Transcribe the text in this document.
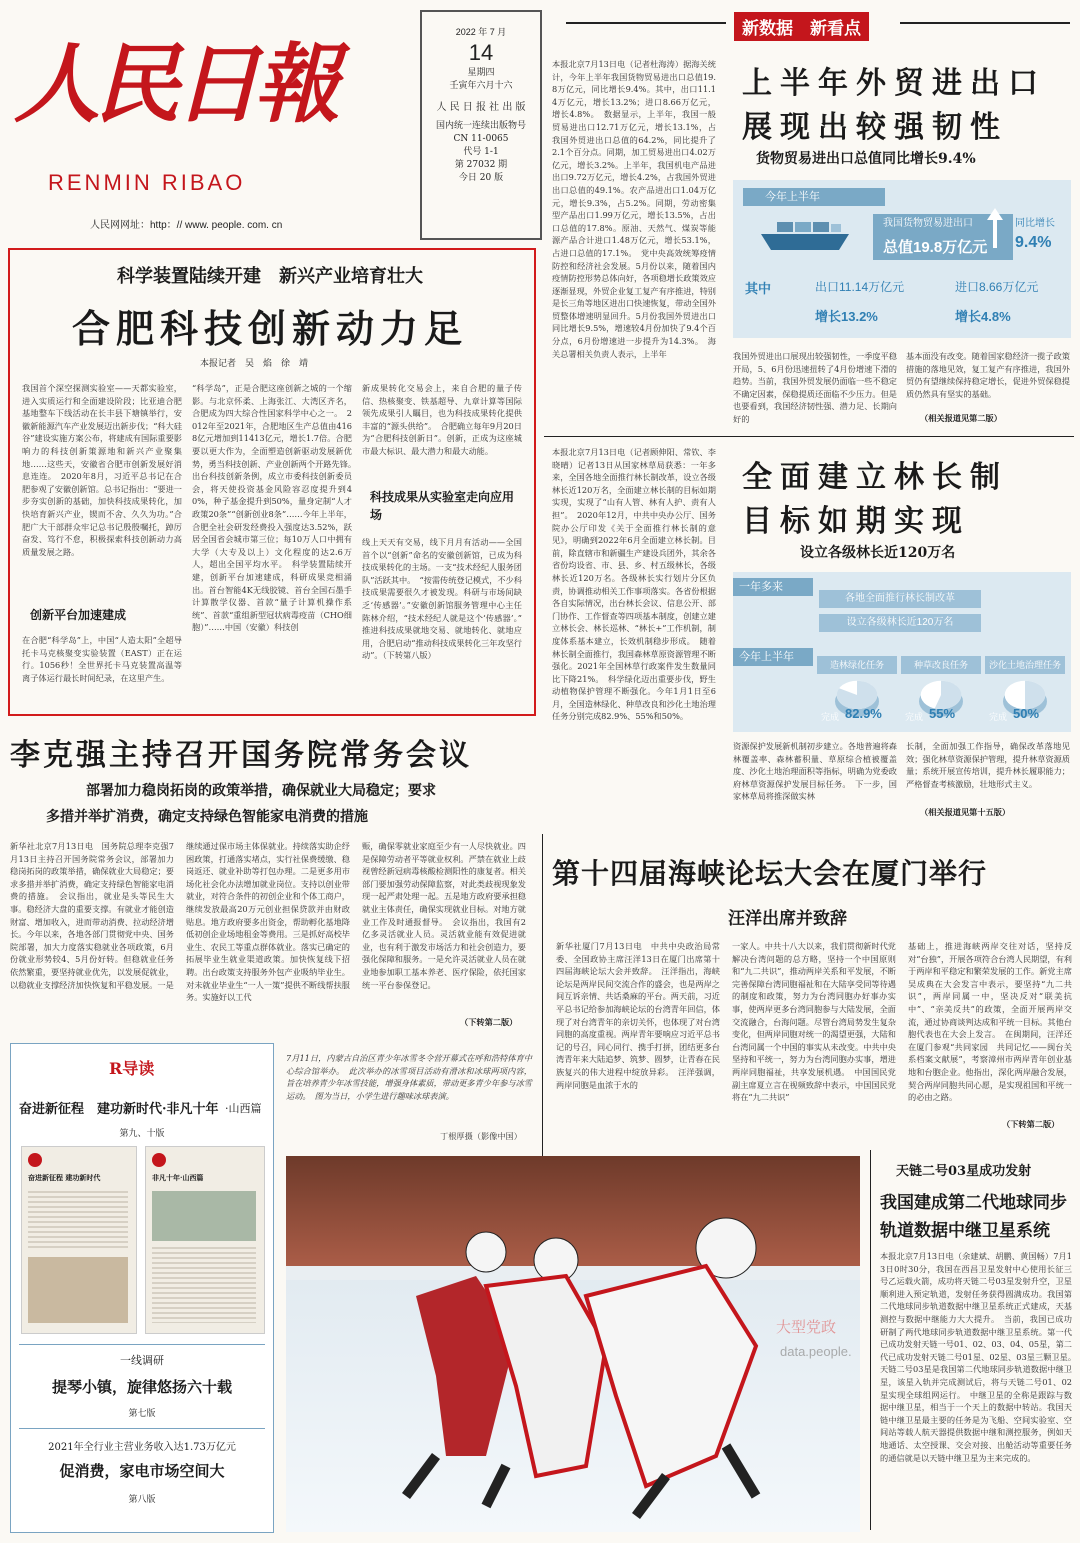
人民日報
RENMIN RIBAO
人民网网址：http：// www. people. com. cn
2022 年 7 月
14
星期四
壬寅年六月十六
人 民 日 报 社 出 版
国内统一连续出版物号
CN 11-0065
代号 1-1
第 27032 期
今日 20 版
科学装置陆续开建　新兴产业培育壮大
合肥科技创新动力足
本报记者　吴　焰　徐　靖
我国首个深空探测实验室——天都实验室，进入实质运行和全面建设阶段；比亚迪合肥基地整车下线活动在长丰县下塘镇举行，安徽新能源汽车产业发展迈出新步伐；“科大硅谷”建设实施方案公布，将建成有国际重要影响力的科技创新策源地和新兴产业聚集地……这些天，安徽省合肥市创新发展好消息连连。　2020年8月，习近平总书记在合肥参观了安徽创新馆。总书记指出：“要进一步夯实创新的基础，加快科技成果转化，加快培育新兴产业，锲而不舍、久久为功。”合肥广大干部群众牢记总书记殷殷嘱托，踔厉奋发、笃行不怠，积极探索科技创新动力高质量发展之路。
创新平台加速建成
在合肥“科学岛”上，中国“人造太阳”全超导托卡马克核聚变实验装置（EAST）正在运行。1056秒！全世界托卡马克装置高温等离子体运行最长时间纪录，在这里产生。
“科学岛”，正是合肥这座创新之城的一个缩影。与北京怀柔、上海张江、大湾区齐名，合肥成为四大综合性国家科学中心之一。　2012年至2021年，合肥地区生产总值由4168亿元增加到11413亿元，增长1.7倍。合肥要以更大作为，全面塑造创新驱动发展新优势，勇当科技创新、产业创新两个开路先锋。　出台科技创新条例，成立市委科技创新委员会，将天使投资基金风险容忍度提升到40%，种子基金提升到50%，量身定制“人才政策20条”“创新创业8条”……今年上半年，合肥全社会研发经费投入强度达3.52%，跃居全国省会城市第三位；每10万人口中拥有大学（大专及以上）文化程度的达2.6万人，超出全国平均水平。　科学装置陆续开建，创新平台加速建成，科研成果竞相涌出。首台智能4K无线胶镜、首台全国石墨手计算散学仪器、首款“量子计算机操作系统”、首款“重组新型冠状病毒疫苗（CHO细胞）”……中国（安徽）科技创
新成果转化交易会上，来自合肥的量子传信、热核聚变、铁基超导、九章计算等国际领先成果引人瞩目，也为科技成果转化提供丰富的“源头供给”。　合肥确立每年9月20日为“合肥科技创新日”。创新，正成为这座城市最大标识、最大潜力和最大动能。
科技成果从实验室走向应用场
线上天天有交易，线下月月有活动——全国首个以“创新”命名的安徽创新馆，已成为科技成果转化的主场。一支“技术经纪人服务团队”活跃其中。　“按需传统登记模式，不少科技成果需要很久才被发现。科研与市场间缺乏‘传感器’。”安徽创新馆服务管理中心主任陈林介绍，“技术经纪人就是这个‘传感器’。”　推进科技成果就地交易、就地转化、就地应用，合肥启动“推动科技成果转化三年攻坚行动”。（下转第八版）
新数据　新看点
上半年外贸进出口
展现出较强韧性
货物贸易进出口总值同比增长9.4%
本报北京7月13日电（记者杜海涛）据海关统计，今年上半年我国货物贸易进出口总值19.8万亿元，同比增长9.4%。其中，出口11.14万亿元，增长13.2%；进口8.66万亿元，增长4.8%。　数据显示，上半年，我国一般贸易进出口12.71万亿元，增长13.1%，占我国外贸进出口总值的64.2%，同比提升了2.1个百分点。同期，加工贸易进出口4.02万亿元，增长3.2%。上半年，我国机电产品进出口9.72万亿元，增长4.2%，占我国外贸进出口总值的49.1%。农产品进出口1.04万亿元，增长9.3%，占5.2%。同期，劳动密集型产品出口1.99万亿元，增长13.5%，占出口总值的17.8%。原油、天然气、煤炭等能源产品合计进口1.48万亿元，增长53.1%，占进口总值的17.1%。　党中央高效统筹疫情防控和经济社会发展。5月份以来，随着国内疫情防控形势总体向好，各项稳增长政策效应逐渐显现，外贸企业复工复产有序推进，特别是长三角等地区进出口快速恢复，带动全国外贸整体增速明显回升。5月份我国外贸进出口同比增长9.5%，增速较4月份加快了9.4个百分点，6月份增速进一步提升为14.3%。　海关总署相关负责人表示，上半年
今年上半年
我国货物贸易进出口
总值19.8万亿元
同比增长
9.4%
其中	出口11.14万亿元
增长13.2%
进口8.66万亿元
增长4.8%
我国外贸进出口展现出较强韧性，一季度平稳开局，5、6月份迅速扭转了4月份增速下滑的趋势。当前，我国外贸发展仍面临一些不稳定不确定因素，保稳提质还面临不少压力。但是也要看到，我国经济韧性强、潜力足、长期向好的
基本面没有改变。随着国家稳经济一揽子政策措施的落地见效，复工复产有序推进，我国外贸仍有望继续保持稳定增长，促进外贸保稳提质仍然具有坚实的基础。
（相关报道见第二版）
本报北京7月13日电（记者顾伸阳、常钦、李晓晴）记者13日从国家林草局获悉：一年多来，全国各地全面推行林长制改革，设立各级林长近120万名，全面建立林长制的目标如期实现，实现了“山有人管、林有人护、责有人担”。　2020年12月，中共中央办公厅、国务院办公厅印发《关于全面推行林长制的意见》，明确到2022年6月全面建立林长制。目前，除直辖市和新疆生产建设兵团外，其余各省份均设省、市、县、乡、村五级林长，各级林长近120万名。各级林长实行划片分区负责，协调推动相关工作事项落实。各省份根据各自实际情况，出台林长会议、信息公开、部门协作、工作督查等四项基本制度，创建立建立林长会、林长巡林、“林长+”工作机制，制度体系基本建立，长效机制稳步形成。　随着林长制全面推行，我国森林草原资源管理不断强化。2021年全国林草行政案件发生数量同比下降21%。　科学绿化迈出重要步伐，野生动植物保护管理不断强化。今年1月1日至6月，全国造林绿化、种草改良和沙化土地治理任务分别完成82.9%、55%和50%。
全面建立林长制
目标如期实现
设立各级林长近120万名
一年多来
各地全面推行林长制改革
设立各级林长近120万名
今年上半年
造林绿化任务
完成 82.9%
种草改良任务
完成 55%
沙化土地治理任务
完成 50%
资源保护发展新机制初步建立。各地普遍将森林覆盖率、森林蓄积量、草原综合植被覆盖度、沙化土地治理面积等指标，明确为党委政府林草资源保护发展目标任务。　下一步，国家林草局将推深做实林
长制，全面加强工作指导，确保改革落地见效；强化林草资源保护管理，提升林草资源质量；系统开展宣传培训，提升林长履职能力；严格督查考核激励，壮地形式主义。
（相关报道见第十五版）
李克强主持召开国务院常务会议
部署加力稳岗拓岗的政策举措，确保就业大局稳定；要求
多措并举扩消费，确定支持绿色智能家电消费的措施
新华社北京7月13日电　国务院总理李克强7月13日主持召开国务院常务会议，部署加力稳岗拓岗的政策举措，确保就业大局稳定；要求多措并举扩消费，确定支持绿色智能家电消费的措施。　会议指出，就业是头等民生大事。稳经济大盘的重要支撑。有就业才能创造财富、增加收入，进而带动消费、拉动经济增长。今年以来，各地各部门贯彻党中央、国务院部署，加大力度落实稳就业各项政策，6月份就业形势较4、5月份好转。但稳就业任务依然繁重，要坚持就业优先，以发展促就业，以稳就业支撑经济加快恢复和平稳发展。一是
继续通过保市场主体保就业。持续落实助企纾困政策，打通落实堵点，实行社保费缓缴、稳岗返还、就业补助等打包办理。二是更多用市场化社会化办法增加就业岗位。支持以创业带就业，对符合条件的初创企业和个体工商户，继续发放最高20万元创业担保贷款并由财政贴息。地方政府要多出资金，帮助孵化基地降低初创企业场地租金等费用。三是抓好高校毕业生、农民工等重点群体就业。落实已确定的拓展毕业生就业渠道政策。加快恢复线下招聘。出台政策支持服务外包产业吸纳毕业生。对未就业毕业生“一人一策”提供不断线帮扶服务。实施好以工代
赈，确保零就业家庭至少有一人尽快就业。四是保障劳动者平等就业权利。严禁在就业上歧视曾经新冠病毒核酸检测阳性的康复者。相关部门要加强劳动保障监察，对此类歧视现象发现一起严肃处理一起。五是地方政府要承担稳就业主体责任，确保实现就业目标。对地方就业工作及时通报督导。　会议指出，我国有2亿多灵活就业人员。灵活就业能有效促进就业，也有利于激发市场活力和社会创造力，要强化保障和服务。一是允许灵活就业人员在就业地参加职工基本养老、医疗保险，依托国家统一平台参保登记。
（下转第二版）
第十四届海峡论坛大会在厦门举行
汪洋出席并致辞
新华社厦门7月13日电　中共中央政治局常委、全国政协主席汪洋13日在厦门出席第十四届海峡论坛大会并致辞。　汪洋指出，海峡论坛是两岸民间交流合作的盛会，也是两岸之间互诉亲情、共话桑麻的平台。两天前，习近平总书记给参加海峡论坛的台湾青年回信，体现了对台湾青年的亲切关怀，也体现了对台湾同胞的高度重视。两岸青年要响应习近平总书记的号召，同心同行、携手打拼，团结更多台湾青年来大陆追梦、筑梦、圆梦，让青春在民族复兴的伟大进程中绽放异彩。　汪洋强调，两岸同胞是血浓于水的
一家人。中共十八大以来，我们贯彻新时代党解决台湾问题的总方略，坚持一个中国原则和“九二共识”，推动两岸关系和平发展，不断完善保障台湾同胞福祉和在大陆享受同等待遇的制度和政策，努力为台湾同胞办好事办实事，使两岸更多台湾同胞参与大陆发展，全面交流融合，台海问题。尽管台湾局势发生复杂变化，但两岸同胞对统一的渴望更强，大陆和台湾同属一个中国的事实从未改变。中共中央坚持和平统一，努力为台湾同胞办实事，增进两岸同胞福祉，共享发展机遇。　中国国民党副主席夏立言在视频致辞中表示，中国国民党将在“九二共识”
基础上，推进海峡两岸交往对话，坚持反对“台独”，开展各项符合台湾人民期望，有利于两岸和平稳定和繁荣发展的工作。新党主席吴成典在大会发言中表示，要坚持“九二共识”，两岸同属一中，坚决反对“联美抗中”、“亲美反共”的政策，全面开展两岸交流，通过协商谈判达成和平统一目标。其他台胞代表也在大会上发言。　在闽期间，汪洋还在厦门参观“共同家园　共同记忆——闽台关系档案文献展”，考察漳州市两岸青年创业基地和台胞企业。他指出，深化两岸融合发展，契合两岸同胞共同心愿，是实现祖国和平统一的必由之路。
（下转第二版）
R导读
奋进新征程　建功新时代·非凡十年 ·山西篇
第九、十版
奋进新征程 建功新时代	非凡十年·山西篇
一线调研
提琴小镇，旋律悠扬六十载
第七版
2021年全行业主营业务收入达1.73万亿元
促消费，家电市场空间大
第八版
7月11日，内蒙古自治区青少年冰雪冬令营开幕式在呼和浩特体育中心综合馆举办。　此次举办的冰雪项目活动有滑冰和冰球两项内容，旨在培养青少年冰雪技能，增强身体素质，带动更多青少年参与冰雪运动。　图为当日，小学生进行趣味冰球表演。
丁根厚摄（影像中国）
大型党政
data.people.
天链二号03星成功发射
我国建成第二代地球同步
轨道数据中继卫星系统
本报北京7月13日电（余建斌、胡鹏、黄国畅）7月13日0时30分，我国在西昌卫星发射中心使用长征三号乙运载火箭，成功将天链二号03星发射升空，卫星顺利进入预定轨道，发射任务获得圆满成功。我国第二代地球同步轨道数据中继卫星系统正式建成，天基测控与数据中继能力大大提升。　当前，我国已成功研制了两代地球同步轨道数据中继卫星系统。第一代已成功发射天链一号01、02、03、04、05星，第二代已成功发射天链二号01星、02星、03星三颗卫星。　天链二号03星是我国第二代地球同步轨道数据中继卫星，该星入轨并完成测试后，将与天链二号01、02星实现全球组网运行。　中继卫星的全称是跟踪与数据中继卫星，相当于一个天上的数据中转站。我国天链中继卫星最主要的任务是为飞船、空间实验室、空间站等载人航天器提供数据中继和测控服务，例如天地通话、太空授课、交会对接、出舱活动等重要任务的通信就是以天链中继卫星为主来完成的。
